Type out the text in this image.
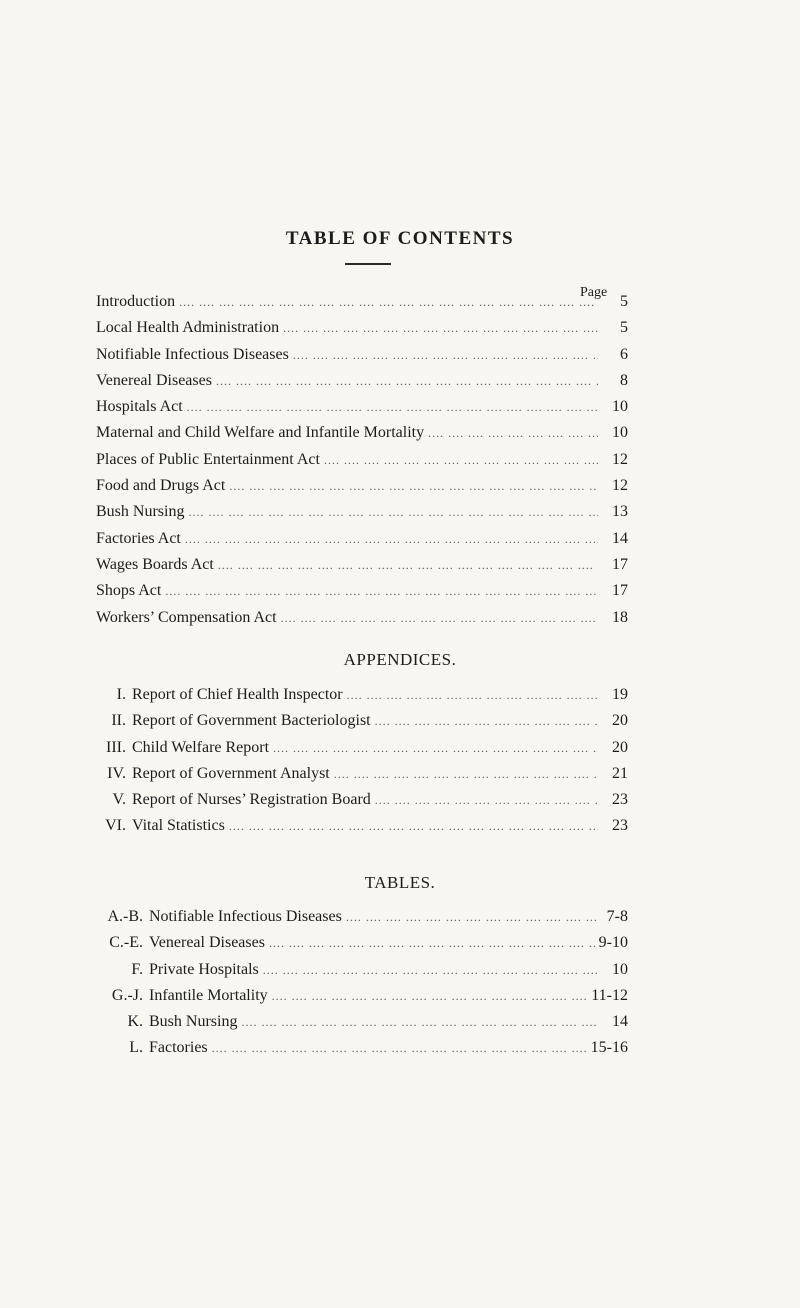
TABLE OF CONTENTS
Page
Introduction ....	5
Local Health Administration ....	5
Notifiable Infectious Diseases ....	6
Venereal Diseases ....	8
Hospitals Act ....	10
Maternal and Child Welfare and Infantile Mortality ....	10
Places of Public Entertainment Act ....	12
Food and Drugs Act ....	12
Bush Nursing ....	13
Factories Act ....	14
Wages Boards Act ....	17
Shops Act ....	17
Workers’ Compensation Act ....	18
APPENDICES.
I. Report of Chief Health Inspector ....	19
II. Report of Government Bacteriologist ....	20
III. Child Welfare Report ....	20
IV. Report of Government Analyst ....	21
V. Report of Nurses’ Registration Board ....	23
VI. Vital Statistics ....	23
TABLES.
A.-B. Notifiable Infectious Diseases ....	7-8
C.-E. Venereal Diseases ....	9-10
F. Private Hospitals ....	10
G.-J. Infantile Mortality ....	11-12
K. Bush Nursing ....	14
L. Factories ....	15-16
